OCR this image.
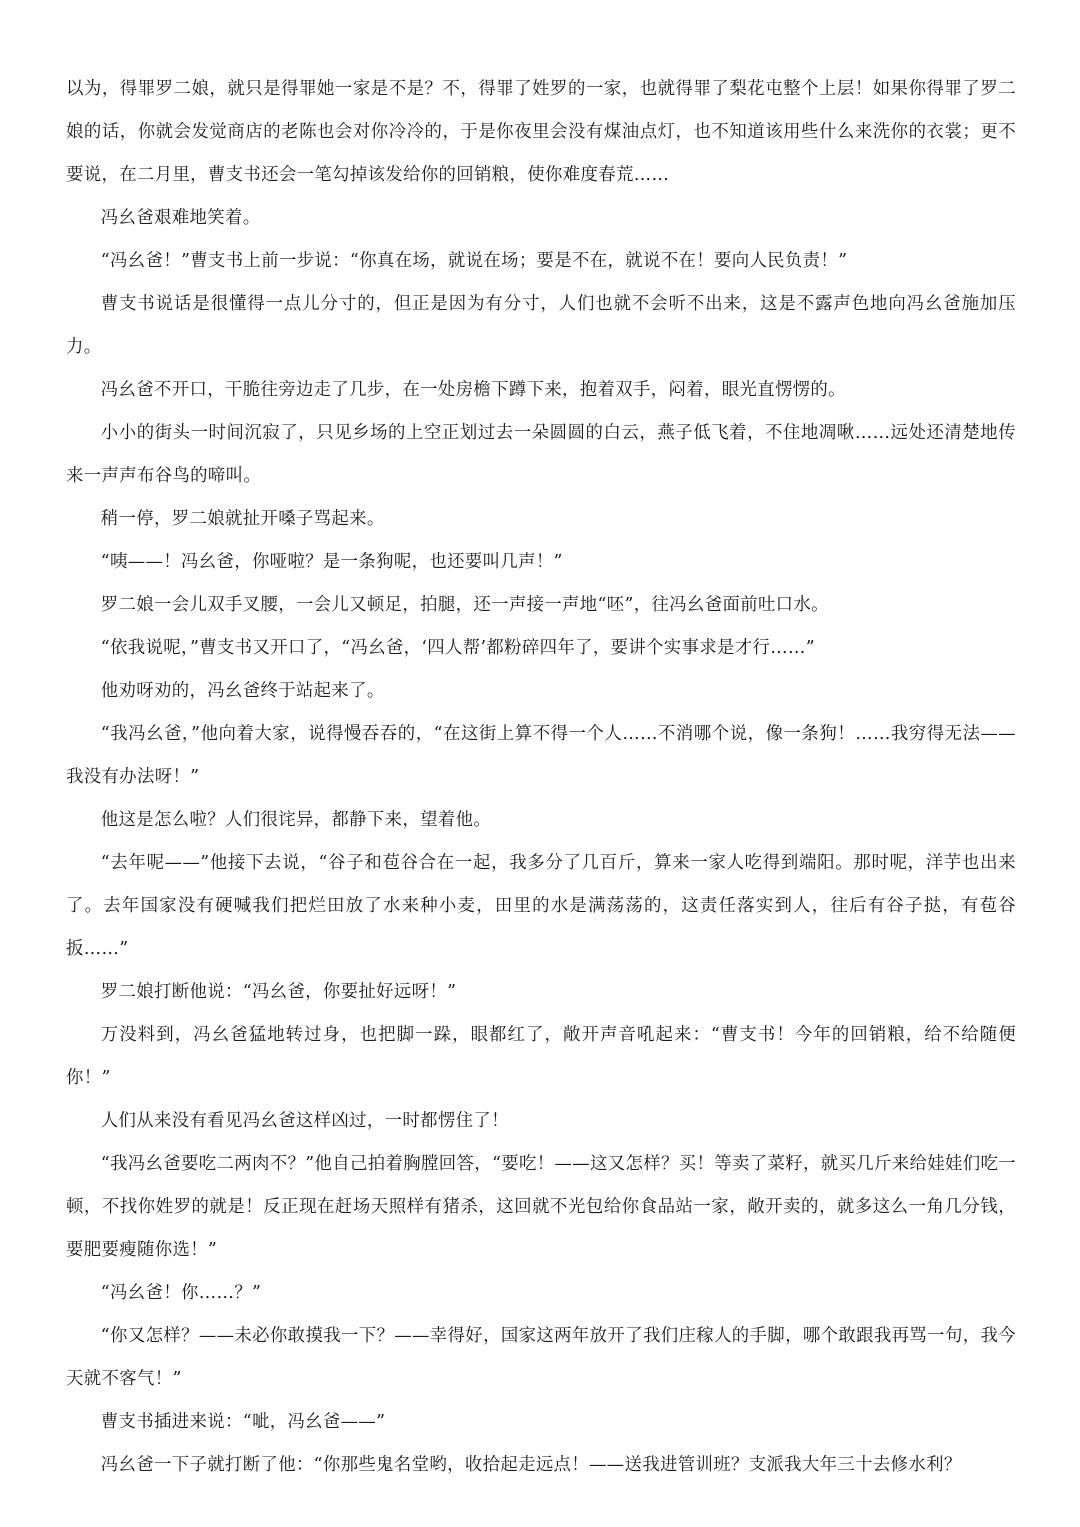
以为，得罪罗二娘，就只是得罪她一家是不是？不，得罪了姓罗的一家，也就得罪了梨花屯整个上层！如果你得罪了罗二娘的话，你就会发觉商店的老陈也会对你冷冷的，于是你夜里会没有煤油点灯，也不知道该用些什么来洗你的衣裳；更不要说，在二月里，曹支书还会一笔勾掉该发给你的回销粮，使你难度春荒……

冯幺爸艰难地笑着。

“冯幺爸！”曹支书上前一步说：“你真在场，就说在场；要是不在，就说不在！要向人民负责！”

曹支书说话是很懂得一点儿分寸的，但正是因为有分寸，人们也就不会听不出来，这是不露声色地向冯幺爸施加压力。

冯幺爸不开口，干脆往旁边走了几步，在一处房檐下蹲下来，抱着双手，闷着，眼光直愣愣的。

小小的街头一时间沉寂了，只见乡场的上空正划过去一朵圆圆的白云，燕子低飞着，不住地凋啾……远处还清楚地传来一声声布谷鸟的啼叫。

稍一停，罗二娘就扯开嗓子骂起来。

“咦——！冯幺爸，你哑啦？是一条狗呢，也还要叫几声！”

罗二娘一会儿双手叉腰，一会儿又顿足，拍腿，还一声接一声地“呸”，往冯幺爸面前吐口水。

“依我说呢，”曹支书又开口了，“冯幺爸，‘四人帮’都粉碎四年了，要讲个实事求是才行……”

他劝呀劝的，冯幺爸终于站起来了。

“我冯幺爸，”他向着大家，说得慢吞吞的，“在这街上算不得一个人……不消哪个说，像一条狗！……我穷得无法——我没有办法呀！”

他这是怎么啦？人们很诧异，都静下来，望着他。

“去年呢——”他接下去说，“谷子和苞谷合在一起，我多分了几百斤，算来一家人吃得到端阳。那时呢，洋芋也出来了。去年国家没有硬喊我们把烂田放了水来种小麦，田里的水是满荡荡的，这责任落实到人，往后有谷子挞，有苞谷扳……”

罗二娘打断他说：“冯幺爸，你要扯好远呀！”

万没料到，冯幺爸猛地转过身，也把脚一跺，眼都红了，敞开声音吼起来：“曹支书！今年的回销粮，给不给随便你！”

人们从来没有看见冯幺爸这样凶过，一时都愣住了！

“我冯幺爸要吃二两肉不？”他自己拍着胸膛回答，“要吃！——这又怎样？买！等卖了菜籽，就买几斤来给娃娃们吃一顿，不找你姓罗的就是！反正现在赶场天照样有猪杀，这回就不光包给你食品站一家，敞开卖的，就多这么一角几分钱，要肥要瘦随你选！”

“冯幺爸！你……？”

“你又怎样？——未必你敢摸我一下？——幸得好，国家这两年放开了我们庄稼人的手脚，哪个敢跟我再骂一句，我今天就不客气！”

曹支书插进来说：“呲，冯幺爸——”

冯幺爸一下子就打断了他：“你那些鬼名堂哟，收拾起走远点！——送我进管训班？支派我大年三十去修水利？
